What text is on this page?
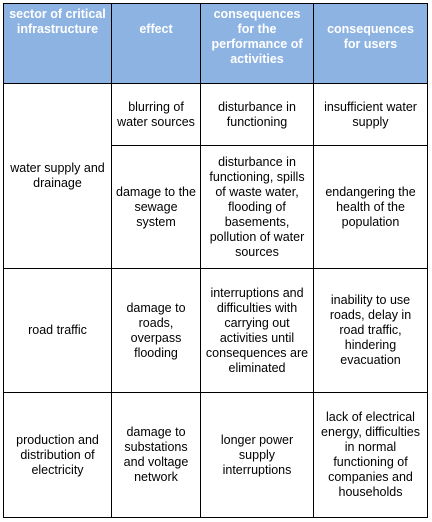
sector of critical infrastructure	effect	consequences for the performance of activities	consequences for users

water supply and drainage	blurring of water sources	disturbance in functioning	insufficient water supply

	damage to the sewage system	disturbance in functioning, spills of waste water, flooding of basements, pollution of water sources	endangering the health of the population

road traffic	damage to roads, overpass flooding	interruptions and difficulties with carrying out activities until consequences are eliminated	inability to use roads, delay in road traffic, hindering evacuation

production and distribution of electricity	damage to substations and voltage network	longer power supply interruptions	lack of electrical energy, difficulties in normal functioning of companies and households
